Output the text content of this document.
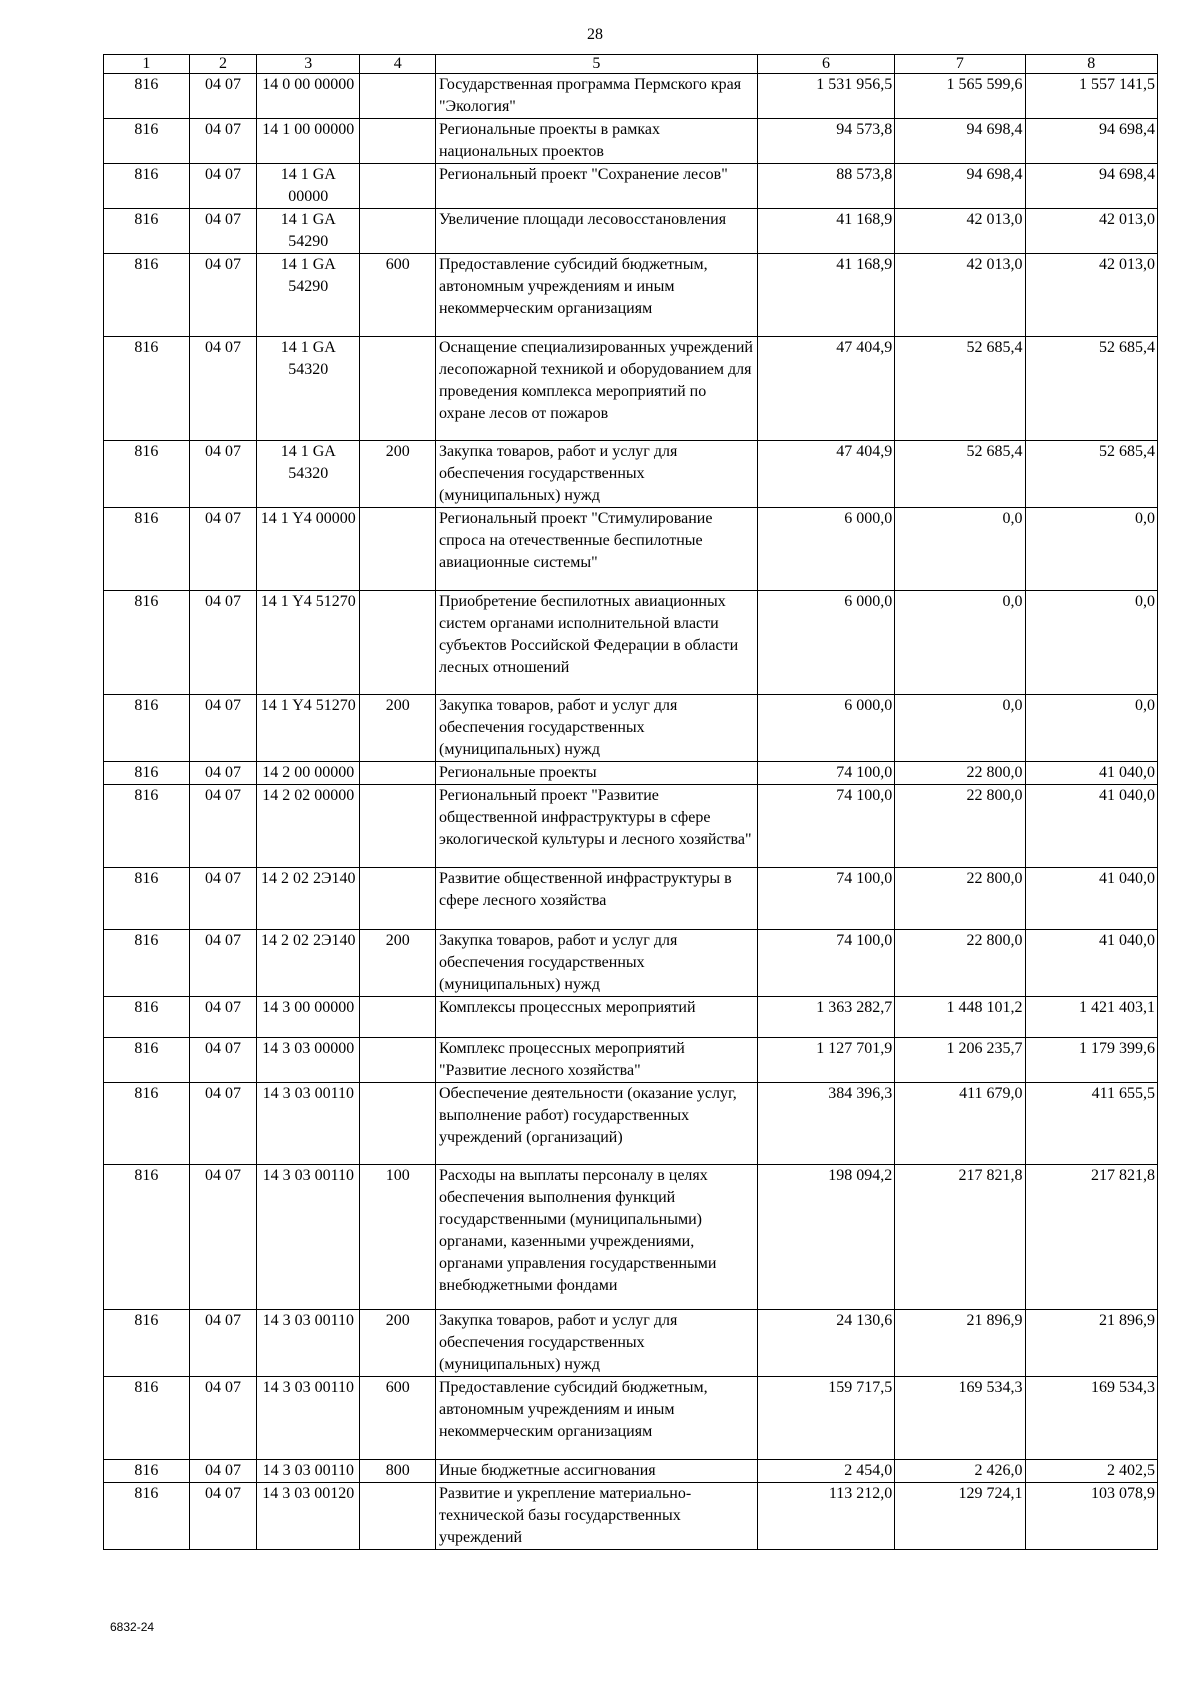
28
1	2	3	4	5	6	7	8
816	04 07	14 0 00 00000		Государственная программа Пермского края "Экология"	1 531 956,5	1 565 599,6	1 557 141,5
816	04 07	14 1 00 00000		Региональные проекты в рамках национальных проектов	94 573,8	94 698,4	94 698,4
816	04 07	14 1 GA 00000		Региональный проект "Сохранение лесов"	88 573,8	94 698,4	94 698,4
816	04 07	14 1 GA 54290		Увеличение площади лесовосстановления	41 168,9	42 013,0	42 013,0
816	04 07	14 1 GA 54290	600	Предоставление субсидий бюджетным, автономным учреждениям и иным некоммерческим организациям	41 168,9	42 013,0	42 013,0
816	04 07	14 1 GA 54320		Оснащение специализированных учреждений лесопожарной техникой и оборудованием для проведения комплекса мероприятий по охране лесов от пожаров	47 404,9	52 685,4	52 685,4
816	04 07	14 1 GA 54320	200	Закупка товаров, работ и услуг для обеспечения государственных (муниципальных) нужд	47 404,9	52 685,4	52 685,4
816	04 07	14 1 Y4 00000		Региональный проект "Стимулирование спроса на отечественные беспилотные авиационные системы"	6 000,0	0,0	0,0
816	04 07	14 1 Y4 51270		Приобретение беспилотных авиационных систем органами исполнительной власти субъектов Российской Федерации в области лесных отношений	6 000,0	0,0	0,0
816	04 07	14 1 Y4 51270	200	Закупка товаров, работ и услуг для обеспечения государственных (муниципальных) нужд	6 000,0	0,0	0,0
816	04 07	14 2 00 00000		Региональные проекты	74 100,0	22 800,0	41 040,0
816	04 07	14 2 02 00000		Региональный проект "Развитие общественной инфраструктуры в сфере экологической культуры и лесного хозяйства"	74 100,0	22 800,0	41 040,0
816	04 07	14 2 02 2Э140		Развитие общественной инфраструктуры в сфере лесного хозяйства	74 100,0	22 800,0	41 040,0
816	04 07	14 2 02 2Э140	200	Закупка товаров, работ и услуг для обеспечения государственных (муниципальных) нужд	74 100,0	22 800,0	41 040,0
816	04 07	14 3 00 00000		Комплексы процессных мероприятий	1 363 282,7	1 448 101,2	1 421 403,1
816	04 07	14 3 03 00000		Комплекс процессных мероприятий "Развитие лесного хозяйства"	1 127 701,9	1 206 235,7	1 179 399,6
816	04 07	14 3 03 00110		Обеспечение деятельности (оказание услуг, выполнение работ) государственных учреждений (организаций)	384 396,3	411 679,0	411 655,5
816	04 07	14 3 03 00110	100	Расходы на выплаты персоналу в целях обеспечения выполнения функций государственными (муниципальными) органами, казенными учреждениями, органами управления государственными внебюджетными фондами	198 094,2	217 821,8	217 821,8
816	04 07	14 3 03 00110	200	Закупка товаров, работ и услуг для обеспечения государственных (муниципальных) нужд	24 130,6	21 896,9	21 896,9
816	04 07	14 3 03 00110	600	Предоставление субсидий бюджетным, автономным учреждениям и иным некоммерческим организациям	159 717,5	169 534,3	169 534,3
816	04 07	14 3 03 00110	800	Иные бюджетные ассигнования	2 454,0	2 426,0	2 402,5
816	04 07	14 3 03 00120		Развитие и укрепление материально-технической базы государственных учреждений	113 212,0	129 724,1	103 078,9
6832-24
